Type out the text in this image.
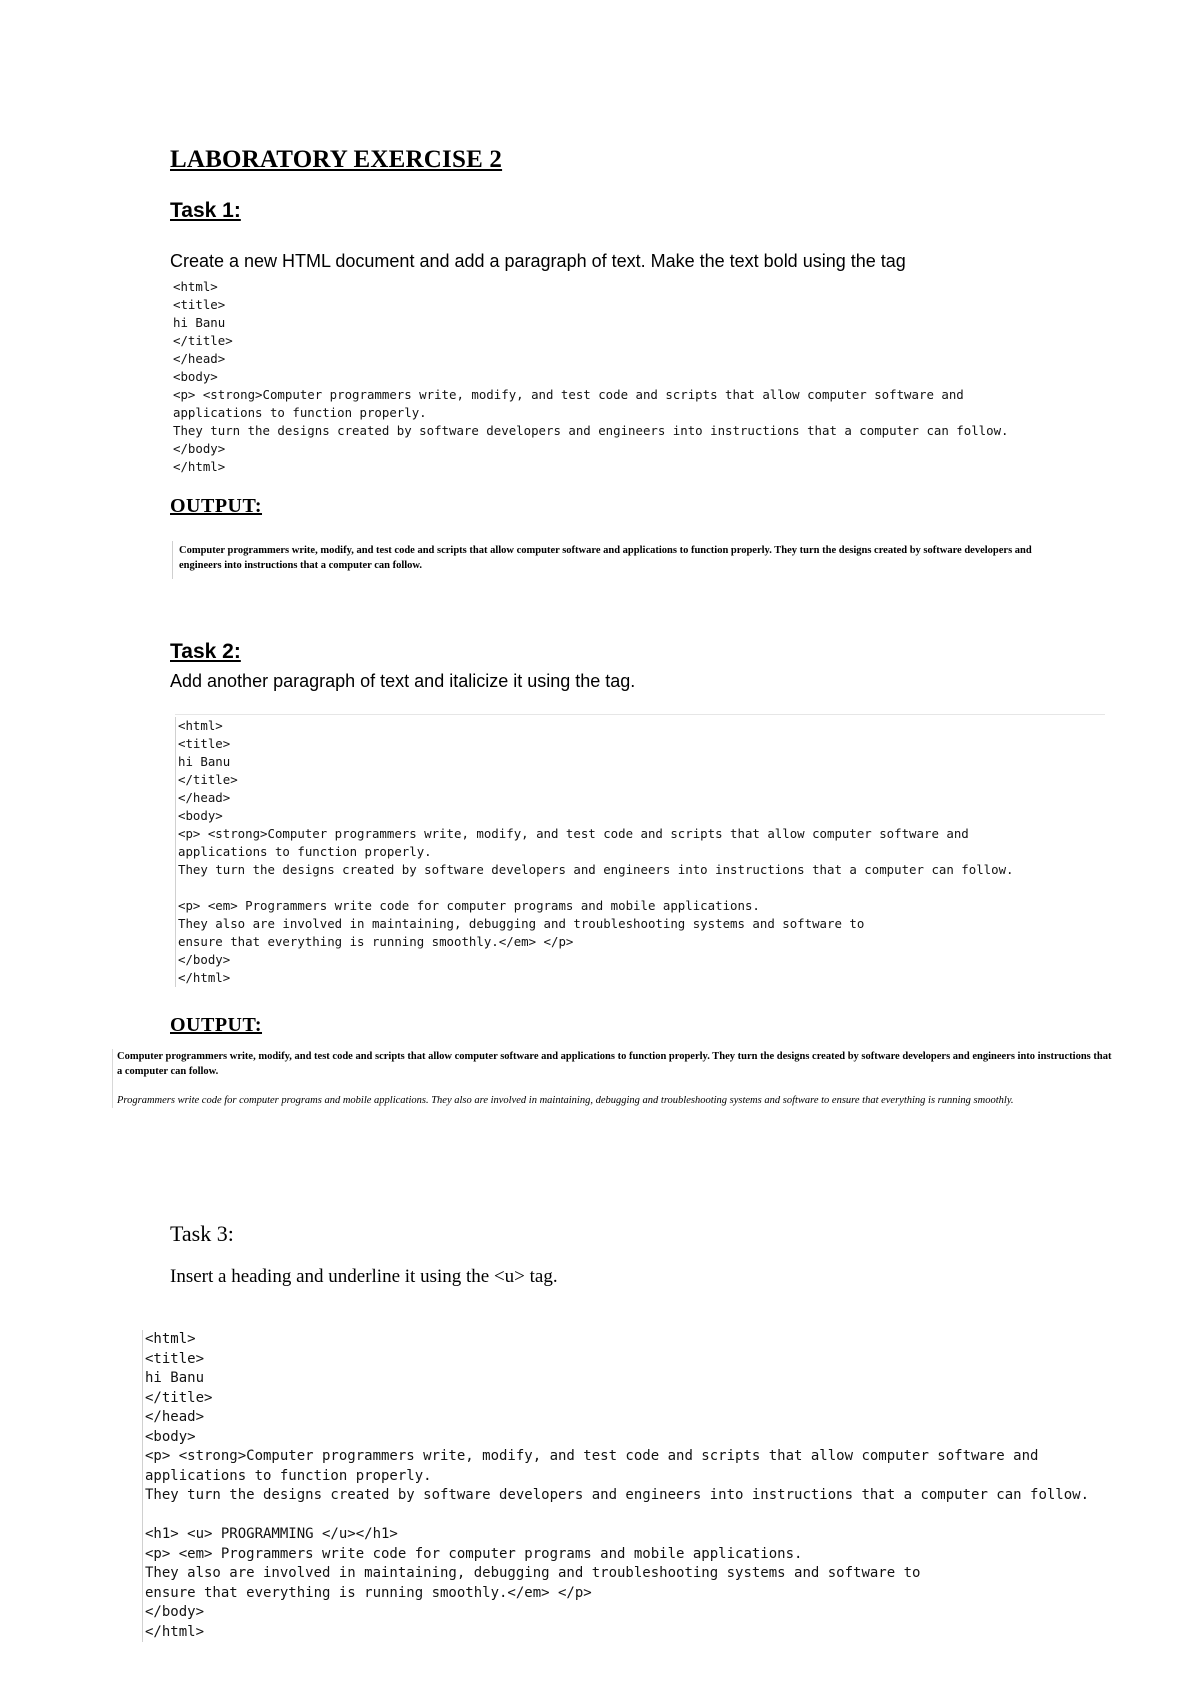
LABORATORY EXERCISE 2
Task 1:
Create a new HTML document and add a paragraph of text. Make the text bold using the tag
<html>
<title>
hi Banu
</title>
</head>
<body>
<p> <strong>Computer programmers write, modify, and test code and scripts that allow computer software and
applications to function properly.
They turn the designs created by software developers and engineers into instructions that a computer can follow.
</body>
</html>
OUTPUT:
Computer programmers write, modify, and test code and scripts that allow computer software and applications to function properly. They turn the designs created by software developers and engineers into instructions that a computer can follow.
Task 2:
Add another paragraph of text and italicize it using the tag.
<html>
<title>
hi Banu
</title>
</head>
<body>
<p> <strong>Computer programmers write, modify, and test code and scripts that allow computer software and
applications to function properly.
They turn the designs created by software developers and engineers into instructions that a computer can follow.

<p> <em> Programmers write code for computer programs and mobile applications.
They also are involved in maintaining, debugging and troubleshooting systems and software to
ensure that everything is running smoothly.</em> </p>
</body>
</html>
OUTPUT:
Computer programmers write, modify, and test code and scripts that allow computer software and applications to function properly. They turn the designs created by software developers and engineers into instructions that a computer can follow.
Programmers write code for computer programs and mobile applications. They also are involved in maintaining, debugging and troubleshooting systems and software to ensure that everything is running smoothly.
Task 3:
Insert a heading and underline it using the <u> tag.
<html>
<title>
hi Banu
</title>
</head>
<body>
<p> <strong>Computer programmers write, modify, and test code and scripts that allow computer software and
applications to function properly.
They turn the designs created by software developers and engineers into instructions that a computer can follow.

<h1> <u> PROGRAMMING </u></h1>
<p> <em> Programmers write code for computer programs and mobile applications.
They also are involved in maintaining, debugging and troubleshooting systems and software to
ensure that everything is running smoothly.</em> </p>
</body>
</html>
